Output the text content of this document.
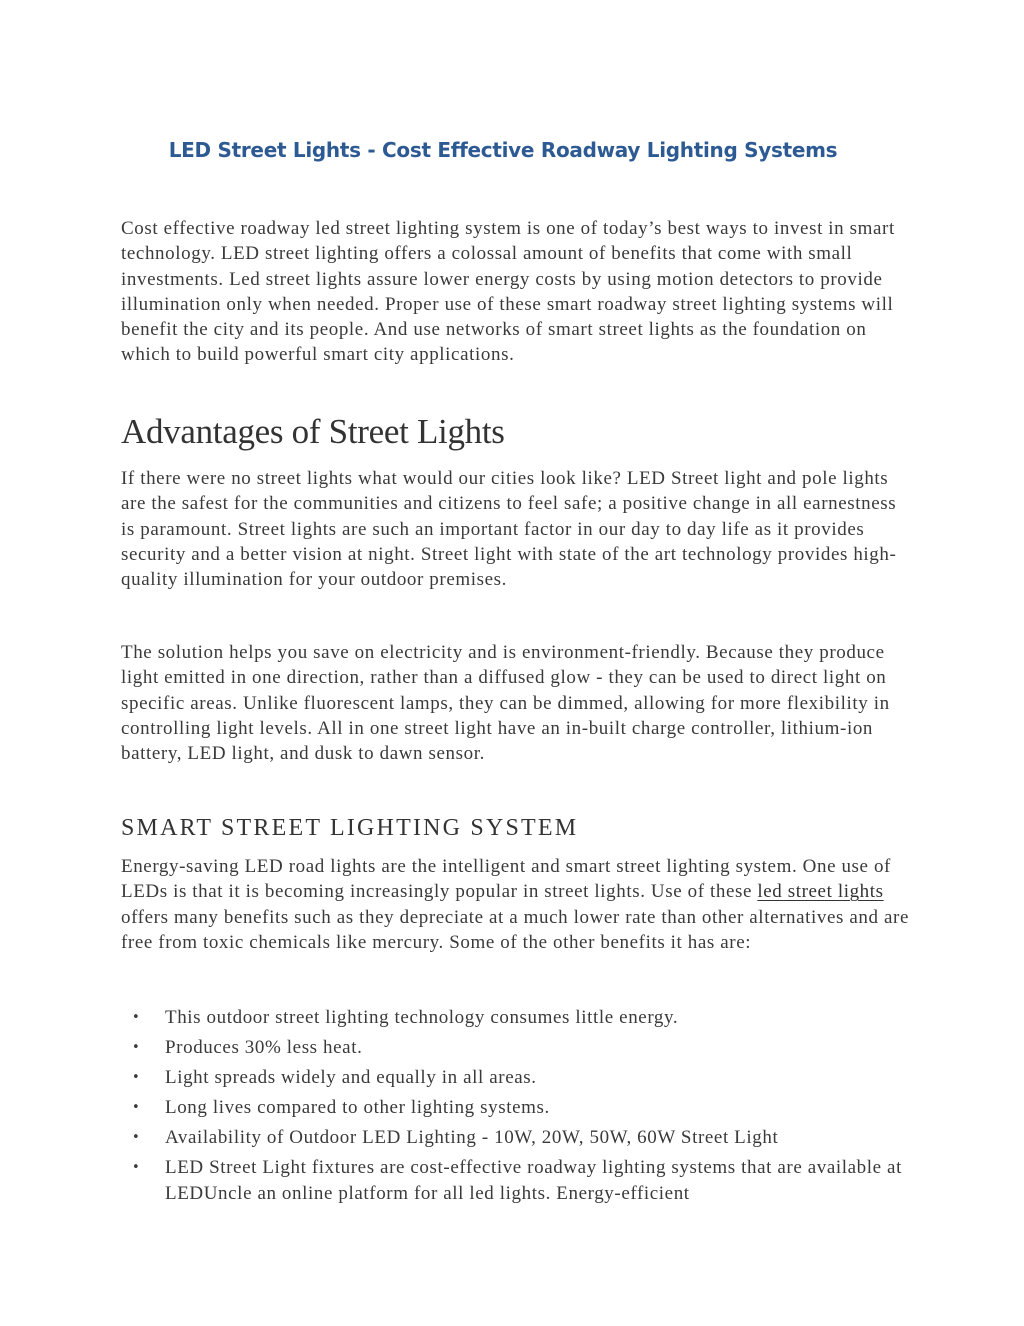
LED Street Lights - Cost Effective Roadway Lighting Systems

Cost effective roadway led street lighting system is one of today’s best ways to invest in smart technology. LED street lighting offers a colossal amount of benefits that come with small investments. Led street lights assure lower energy costs by using motion detectors to provide illumination only when needed. Proper use of these smart roadway street lighting systems will benefit the city and its people. And use networks of smart street lights as the foundation on which to build powerful smart city applications.

Advantages of Street Lights

If there were no street lights what would our cities look like? LED Street light and pole lights are the safest for the communities and citizens to feel safe; a positive change in all earnestness is paramount. Street lights are such an important factor in our day to day life as it provides security and a better vision at night. Street light with state of the art technology provides high-quality illumination for your outdoor premises.

The solution helps you save on electricity and is environment-friendly. Because they produce light emitted in one direction, rather than a diffused glow - they can be used to direct light on specific areas. Unlike fluorescent lamps, they can be dimmed, allowing for more flexibility in controlling light levels. All in one street light have an in-built charge controller, lithium-ion battery, LED light, and dusk to dawn sensor.

SMART STREET LIGHTING SYSTEM

Energy-saving LED road lights are the intelligent and smart street lighting system. One use of LEDs is that it is becoming increasingly popular in street lights. Use of these led street lights offers many benefits such as they depreciate at a much lower rate than other alternatives and are free from toxic chemicals like mercury. Some of the other benefits it has are:

• This outdoor street lighting technology consumes little energy.
• Produces 30% less heat.
• Light spreads widely and equally in all areas.
• Long lives compared to other lighting systems.
• Availability of Outdoor LED Lighting - 10W, 20W, 50W, 60W Street Light
• LED Street Light fixtures are cost-effective roadway lighting systems that are available at LEDUncle an online platform for all led lights. Energy-efficient
